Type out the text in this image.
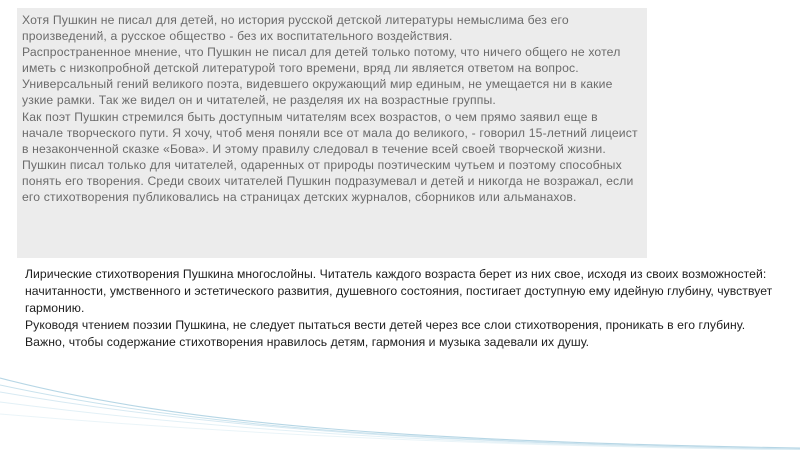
Хотя Пушкин не писал для детей, но история русской детской литературы немыслима без его произведений, а русское общество - без их воспитательного воздействия.

Распространенное мнение, что Пушкин не писал для детей только потому, что ничего общего не хотел иметь с низкопробной детской литературой того времени, вряд ли является ответом на вопрос. Универсальный гений великого поэта, видевшего окружающий мир единым, не умещается ни в какие узкие рамки. Так же видел он и читателей, не разделяя их на возрастные группы.

Как поэт Пушкин стремился быть доступным читателям всех возрастов, о чем прямо заявил еще в начале творческого пути. Я хочу, чтоб меня поняли все от мала до великого, - говорил 15-летний лицеист в незаконченной сказке «Бова». И этому правилу следовал в течение всей своей творческой жизни.

Пушкин писал только для читателей, одаренных от природы поэтическим чутьем и поэтому способных понять его творения. Среди своих читателей Пушкин подразумевал и детей и никогда не возражал, если его стихотворения публиковались на страницах детских журналов, сборников или альманахов.

Лирические стихотворения Пушкина многослойны. Читатель каждого возраста берет из них свое, исходя из своих возможностей: начитанности, умственного и эстетического развития, душевного состояния, постигает доступную ему идейную глубину, чувствует гармонию.

Руководя чтением поэзии Пушкина, не следует пытаться вести детей через все слои стихотворения, проникать в его глубину. Важно, чтобы содержание стихотворения нравилось детям, гармония и музыка задевали их душу.
